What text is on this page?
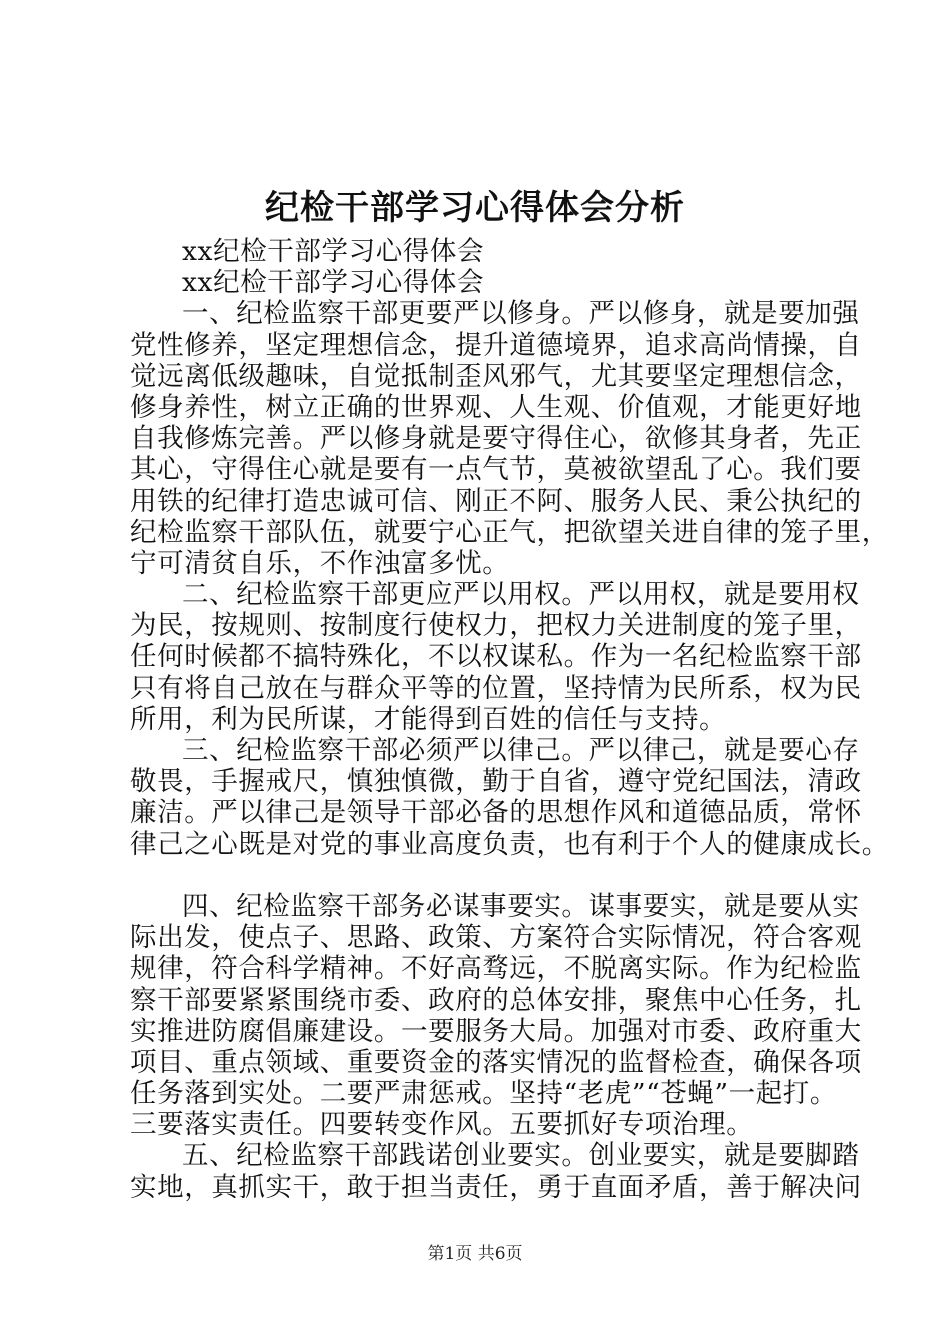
纪检干部学习心得体会分析
xx纪检干部学习心得体会
xx纪检干部学习心得体会
一、纪检监察干部更要严以修身。严以修身，就是要加强
党性修养，坚定理想信念，提升道德境界，追求高尚情操，自
觉远离低级趣味，自觉抵制歪风邪气，尤其要坚定理想信念，
修身养性，树立正确的世界观、人生观、价值观，才能更好地
自我修炼完善。严以修身就是要守得住心，欲修其身者，先正
其心，守得住心就是要有一点气节，莫被欲望乱了心。我们要
用铁的纪律打造忠诚可信、刚正不阿、服务人民、秉公执纪的
纪检监察干部队伍，就要宁心正气，把欲望关进自律的笼子里，
宁可清贫自乐，不作浊富多忧。
二、纪检监察干部更应严以用权。严以用权，就是要用权
为民，按规则、按制度行使权力，把权力关进制度的笼子里，
任何时候都不搞特殊化，不以权谋私。作为一名纪检监察干部
只有将自己放在与群众平等的位置，坚持情为民所系，权为民
所用，利为民所谋，才能得到百姓的信任与支持。
三、纪检监察干部必须严以律己。严以律己，就是要心存
敬畏，手握戒尺，慎独慎微，勤于自省，遵守党纪国法，清政
廉洁。严以律己是领导干部必备的思想作风和道德品质，常怀
律己之心既是对党的事业高度负责，也有利于个人的健康成长。
四、纪检监察干部务必谋事要实。谋事要实，就是要从实
际出发，使点子、思路、政策、方案符合实际情况，符合客观
规律，符合科学精神。不好高骛远，不脱离实际。作为纪检监
察干部要紧紧围绕市委、政府的总体安排，聚焦中心任务，扎
实推进防腐倡廉建设。一要服务大局。加强对市委、政府重大
项目、重点领域、重要资金的落实情况的监督检查，确保各项
任务落到实处。二要严肃惩戒。坚持“老虎”“苍蝇”一起打。
三要落实责任。四要转变作风。五要抓好专项治理。
五、纪检监察干部践诺创业要实。创业要实，就是要脚踏
实地，真抓实干，敢于担当责任，勇于直面矛盾，善于解决问
第1页 共6页
